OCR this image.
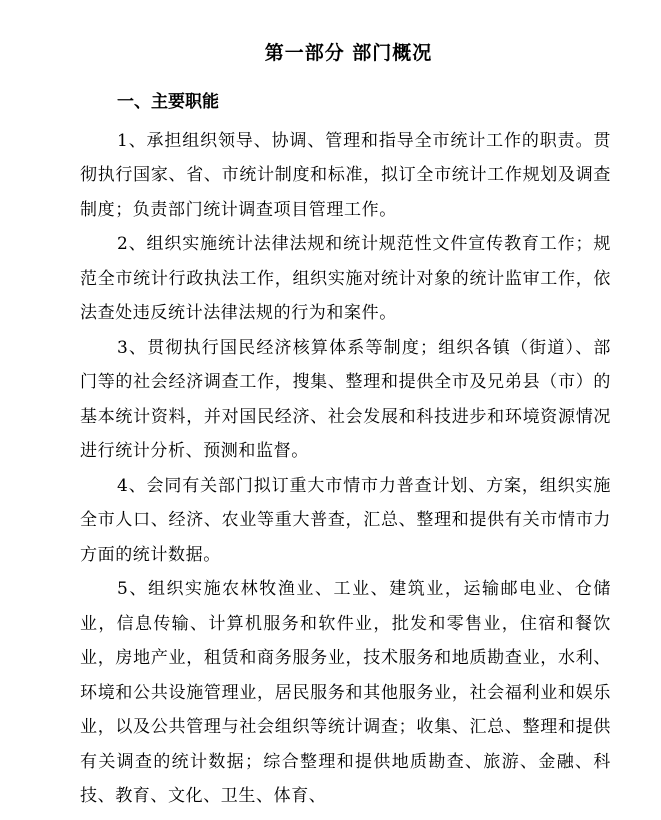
第一部分 部门概况
一、主要职能

1、承担组织领导、协调、管理和指导全市统计工作的职责。贯彻执行国家、省、市统计制度和标准，拟订全市统计工作规划及调查制度；负责部门统计调查项目管理工作。

2、组织实施统计法律法规和统计规范性文件宣传教育工作；规范全市统计行政执法工作，组织实施对统计对象的统计监审工作，依法查处违反统计法律法规的行为和案件。

3、贯彻执行国民经济核算体系等制度；组织各镇（街道）、部门等的社会经济调查工作，搜集、整理和提供全市及兄弟县（市）的基本统计资料，并对国民经济、社会发展和科技进步和环境资源情况进行统计分析、预测和监督。

4、会同有关部门拟订重大市情市力普查计划、方案，组织实施全市人口、经济、农业等重大普查，汇总、整理和提供有关市情市力方面的统计数据。

5、组织实施农林牧渔业、工业、建筑业，运输邮电业、仓储业，信息传输、计算机服务和软件业，批发和零售业，住宿和餐饮业，房地产业，租赁和商务服务业，技术服务和地质勘查业，水利、环境和公共设施管理业，居民服务和其他服务业，社会福利业和娱乐业，以及公共管理与社会组织等统计调查；收集、汇总、整理和提供有关调查的统计数据；综合整理和提供地质勘查、旅游、金融、科技、教育、文化、卫生、体育、
